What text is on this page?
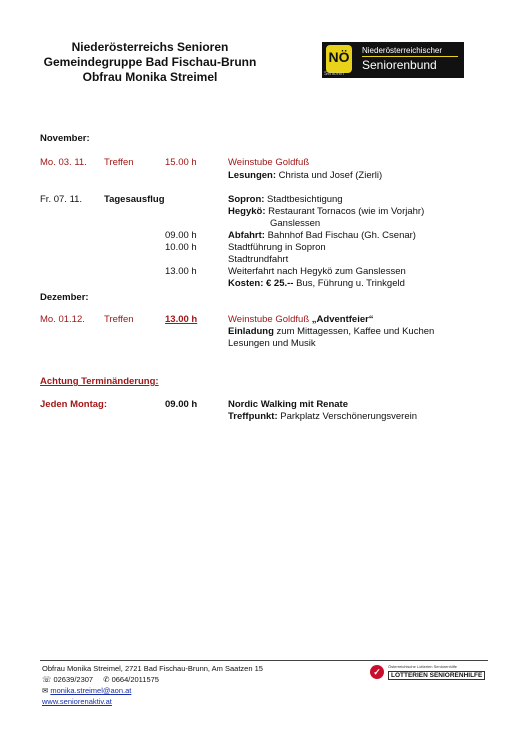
Niederösterreichs Senioren
Gemeindegruppe Bad Fischau-Brunn
Obfrau Monika Streimel
NÖ
Senioren
Niederösterreichischer
Seniorenbund
November:
Mo. 03. 11. Treffen	15.00 h	Weinstube Goldfuß
Lesungen: Christa und Josef (Zierli)
Fr. 07. 11. Tagesausflug	Sopron: Stadtbesichtigung
Hegykö: Restaurant Tornacos (wie im Vorjahr)
Ganslessen
09.00 h	Abfahrt: Bahnhof Bad Fischau (Gh. Csenar)
10.00 h	Stadtführung in Sopron
Stadtrundfahrt
13.00 h	Weiterfahrt nach Hegykö zum Ganslessen
Kosten: € 25.-- Bus, Führung u. Trinkgeld
Dezember:
Mo. 01.12. Treffen	13.00 h	Weinstube Goldfuß „Adventfeier“
Einladung zum Mittagessen, Kaffee und Kuchen
Lesungen und Musik
Achtung Terminänderung:
Jeden Montag:	09.00 h	Nordic Walking mit Renate
Treffpunkt: Parkplatz Verschönerungsverein
Obfrau Monika Streimel, 2721 Bad Fischau-Brunn, Am Saatzen 15
☏ 02639/2307 ✆ 0664/2011575
✉ monika.streimel@aon.at
www.seniorenaktiv.at
✓
Österreichische Lotterien Seniorenhilfe
LOTTERIEN SENIORENHILFE
